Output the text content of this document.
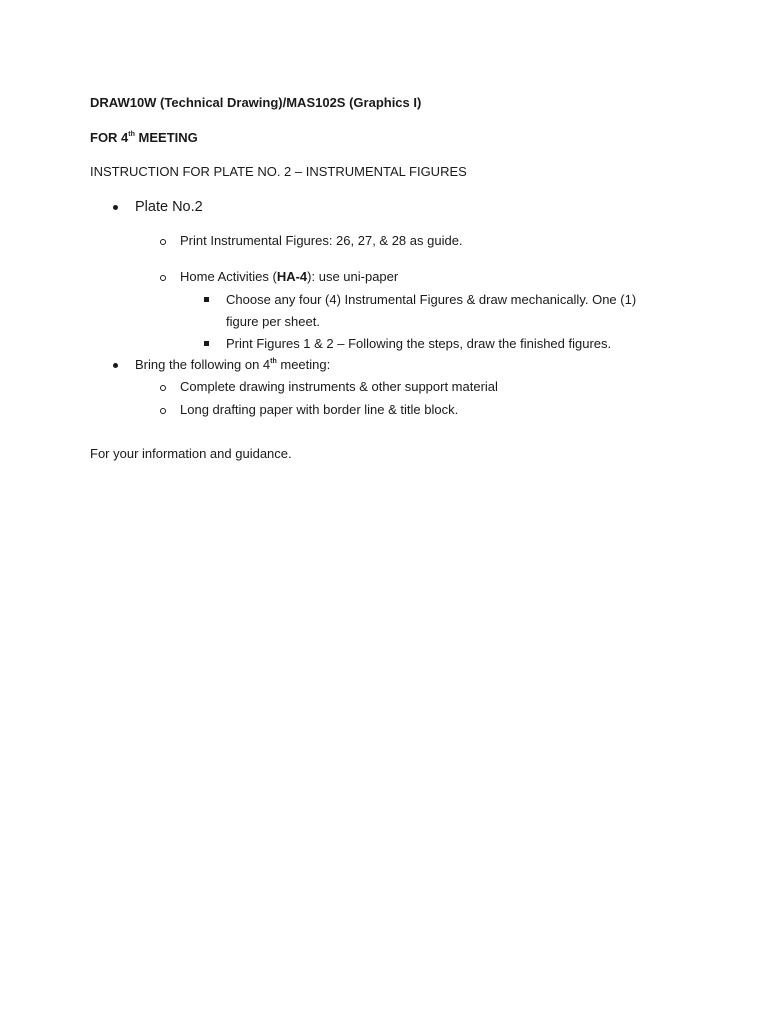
DRAW10W (Technical Drawing)/MAS102S (Graphics I)
FOR 4th MEETING
INSTRUCTION FOR PLATE NO. 2 – INSTRUMENTAL FIGURES
Plate No.2
Print Instrumental Figures: 26, 27, & 28 as guide.
Home Activities (HA-4): use uni-paper
Choose any four (4) Instrumental Figures & draw mechanically. One (1)
figure per sheet.
Print Figures 1 & 2 – Following the steps, draw the finished figures.
Bring the following on 4th meeting:
Complete drawing instruments & other support material
Long drafting paper with border line & title block.
For your information and guidance.
